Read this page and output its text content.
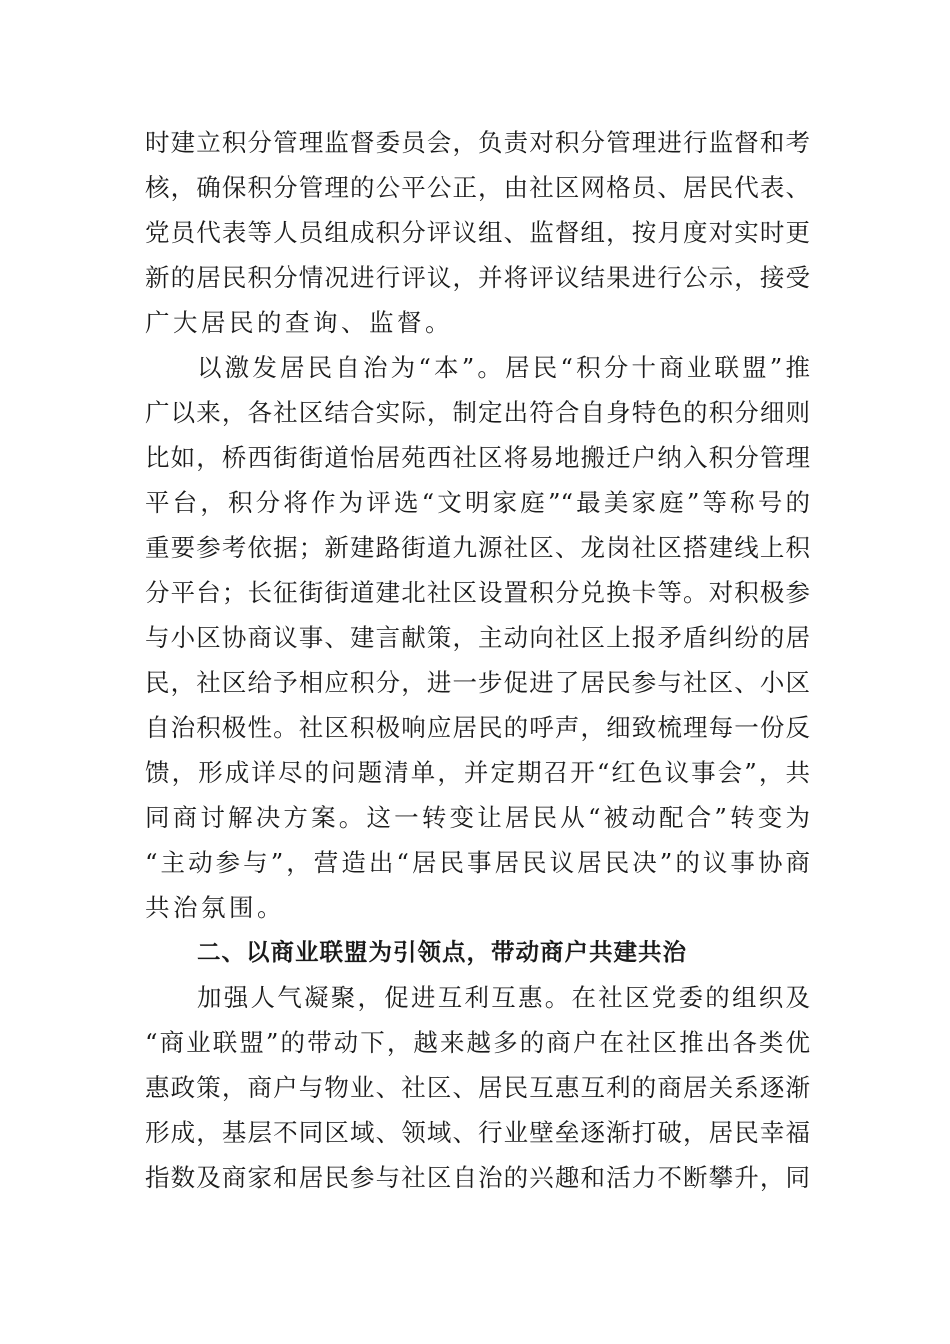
时建立积分管理监督委员会，负责对积分管理进行监督和考
核，确保积分管理的公平公正，由社区网格员、居民代表、
党员代表等人员组成积分评议组、监督组，按月度对实时更
新的居民积分情况进行评议，并将评议结果进行公示，接受
广大居民的查询、监督。
以激发居民自治为“本”。居民“积分十商业联盟”推
广以来，各社区结合实际，制定出符合自身特色的积分细则
比如，桥西街街道怡居苑西社区将易地搬迁户纳入积分管理
平台，积分将作为评选“文明家庭”“最美家庭”等称号的
重要参考依据；新建路街道九源社区、龙岗社区搭建线上积
分平台；长征街街道建北社区设置积分兑换卡等。对积极参
与小区协商议事、建言献策，主动向社区上报矛盾纠纷的居
民，社区给予相应积分，进一步促进了居民参与社区、小区
自治积极性。社区积极响应居民的呼声，细致梳理每一份反
馈，形成详尽的问题清单，并定期召开“红色议事会”，共
同商讨解决方案。这一转变让居民从“被动配合”转变为
“主动参与”，营造出“居民事居民议居民决”的议事协商
共治氛围。
二、以商业联盟为引领点，带动商户共建共治
加强人气凝聚，促进互利互惠。在社区党委的组织及
“商业联盟”的带动下，越来越多的商户在社区推出各类优
惠政策，商户与物业、社区、居民互惠互利的商居关系逐渐
形成，基层不同区域、领域、行业壁垒逐渐打破，居民幸福
指数及商家和居民参与社区自治的兴趣和活力不断攀升，同
